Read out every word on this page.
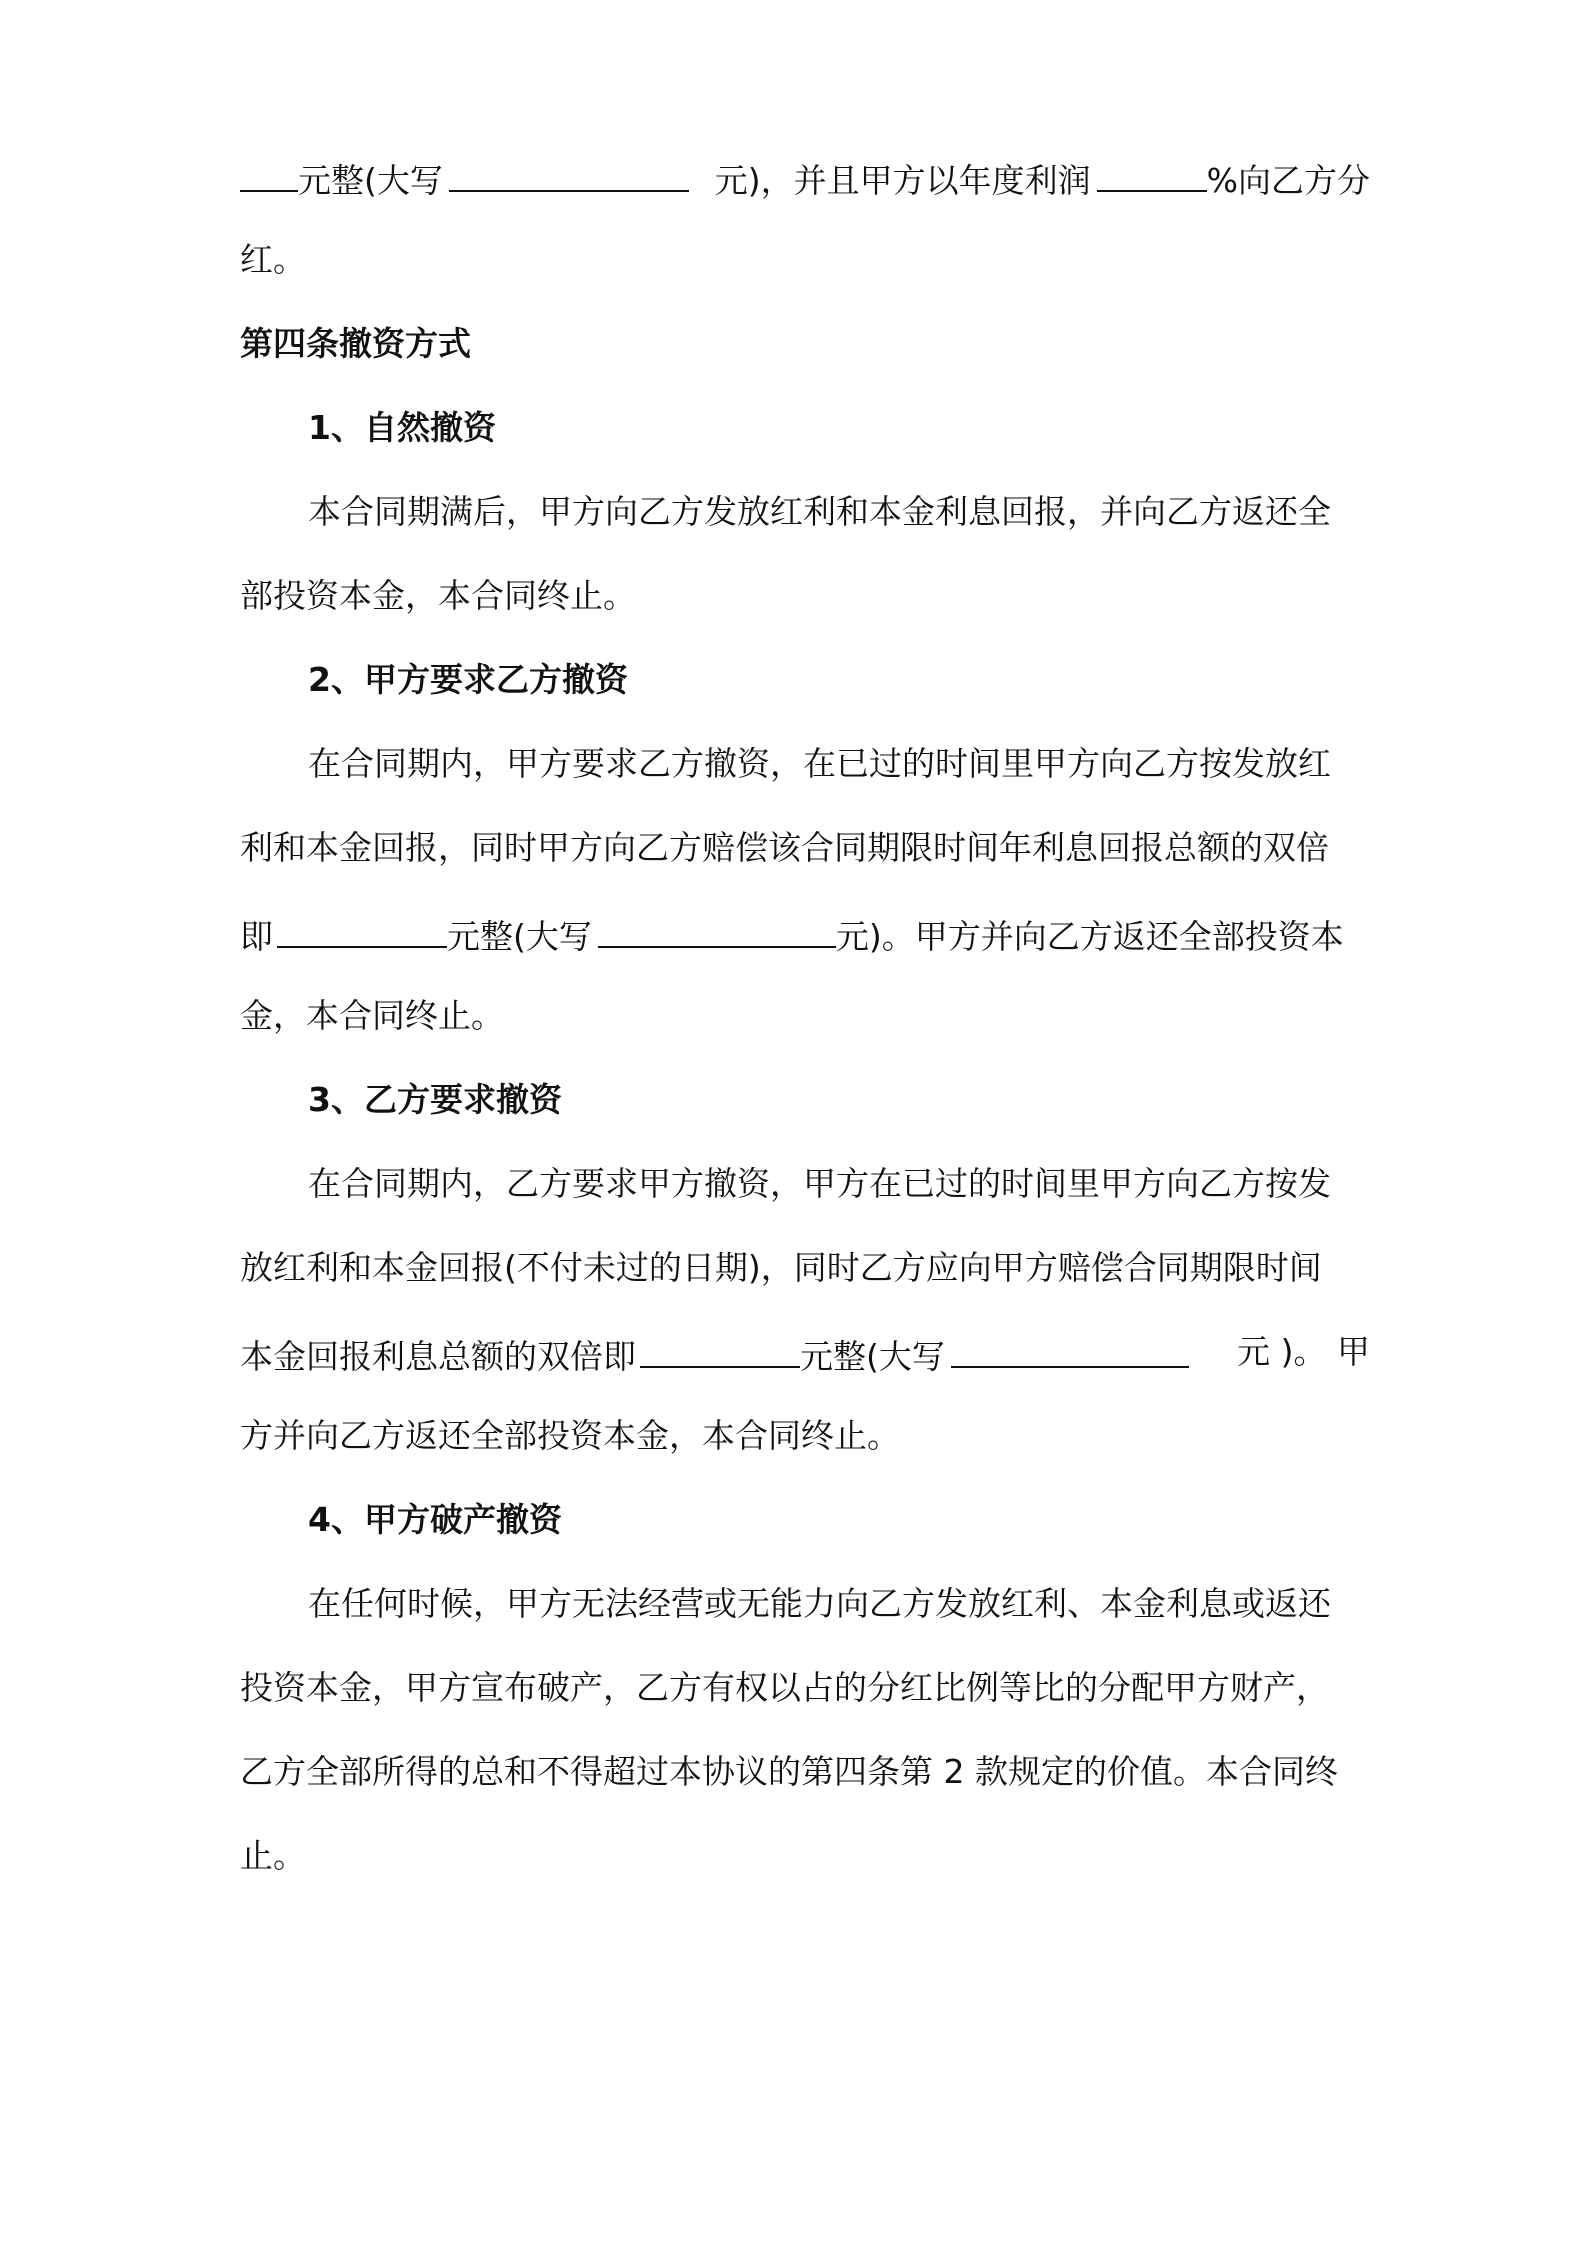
元整(大写	元)，并且甲方以年度利润	%向乙方分
红。
第四条撤资方式
1、自然撤资
本合同期满后，甲方向乙方发放红利和本金利息回报，并向乙方返还全
部投资本金，本合同终止。
2、甲方要求乙方撤资
在合同期内，甲方要求乙方撤资，在已过的时间里甲方向乙方按发放红
利和本金回报，同时甲方向乙方赔偿该合同期限时间年利息回报总额的双倍
即	元整(大写	元)。甲方并向乙方返还全部投资本
金，本合同终止。
3、乙方要求撤资
在合同期内，乙方要求甲方撤资，甲方在已过的时间里甲方向乙方按发
放红利和本金回报(不付未过的日期)，同时乙方应向甲方赔偿合同期限时间
本金回报利息总额的双倍即	元整(大写	元 )。 甲
方并向乙方返还全部投资本金，本合同终止。
4、甲方破产撤资
在任何时候，甲方无法经营或无能力向乙方发放红利、本金利息或返还
投资本金，甲方宣布破产，乙方有权以占的分红比例等比的分配甲方财产，
乙方全部所得的总和不得超过本协议的第四条第 2 款规定的价值。本合同终
止。
